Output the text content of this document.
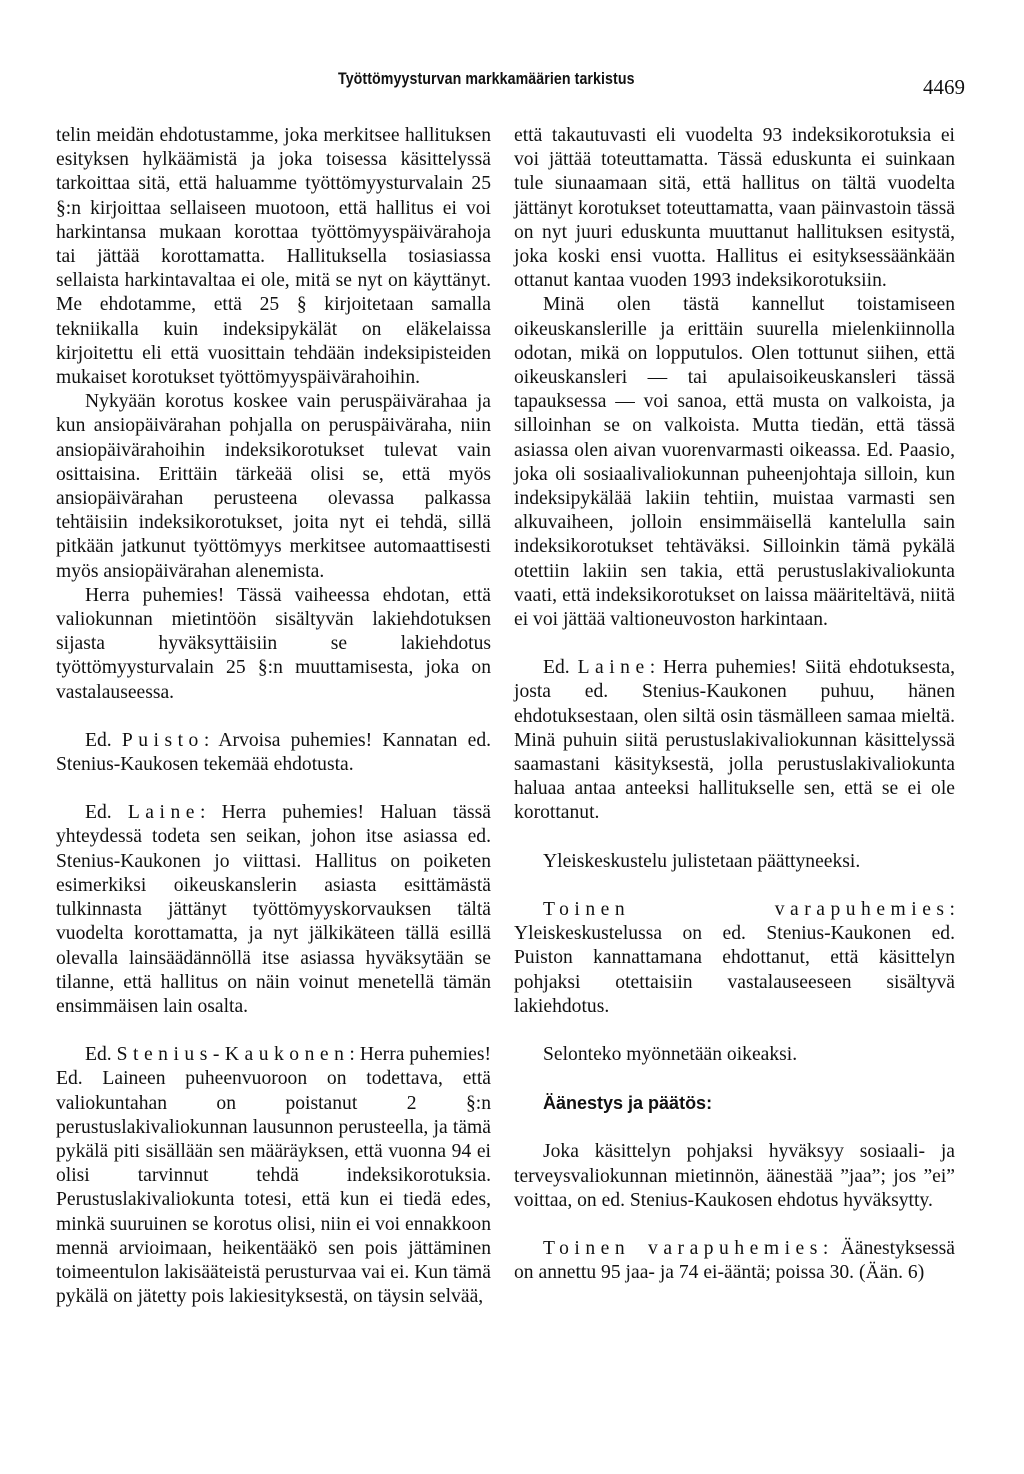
Työttömyysturvan markkamäärien tarkistus	4469

telin meidän ehdotustamme, joka merkitsee hallituksen esityksen hylkäämistä ja joka toisessa käsittelyssä tarkoittaa sitä, että haluamme työttömyysturvalain 25 §:n kirjoittaa sellaiseen muotoon, että hallitus ei voi harkintansa mukaan korottaa työttömyyspäivärahoja tai jättää korottamatta. Hallituksella tosiasiassa sellaista harkintavaltaa ei ole, mitä se nyt on käyttänyt. Me ehdotamme, että 25 § kirjoitetaan samalla tekniikalla kuin indeksipykälät on eläkelaissa kirjoitettu eli että vuosittain tehdään indeksipisteiden mukaiset korotukset työttömyyspäivärahoihin.

Nykyään korotus koskee vain peruspäivärahaa ja kun ansiopäivärahan pohjalla on peruspäiväraha, niin ansiopäivärahoihin indeksikorotukset tulevat vain osittaisina. Erittäin tärkeää olisi se, että myös ansiopäivärahan perusteena olevassa palkassa tehtäisiin indeksikorotukset, joita nyt ei tehdä, sillä pitkään jatkunut työttömyys merkitsee automaattisesti myös ansiopäivärahan alenemista.

Herra puhemies! Tässä vaiheessa ehdotan, että valiokunnan mietintöön sisältyvän lakiehdotuksen sijasta hyväksyttäisiin se lakiehdotus työttömyysturvalain 25 §:n muuttamisesta, joka on vastalauseessa.

Ed. Puisto: Arvoisa puhemies! Kannatan ed. Stenius-Kaukosen tekemää ehdotusta.

Ed. Laine: Herra puhemies! Haluan tässä yhteydessä todeta sen seikan, johon itse asiassa ed. Stenius-Kaukonen jo viittasi. Hallitus on poiketen esimerkiksi oikeuskanslerin asiasta esittämästä tulkinnasta jättänyt työttömyyskorvauksen tältä vuodelta korottamatta, ja nyt jälkikäteen tällä esillä olevalla lainsäädännöllä itse asiassa hyväksytään se tilanne, että hallitus on näin voinut menetellä tämän ensimmäisen lain osalta.

Ed. Stenius-Kaukonen: Herra puhemies! Ed. Laineen puheenvuoroon on todettava, että valiokuntahan on poistanut 2 §:n perustuslakivaliokunnan lausunnon perusteella, ja tämä pykälä piti sisällään sen määräyksen, että vuonna 94 ei olisi tarvinnut tehdä indeksikorotuksia. Perustuslakivaliokunta totesi, että kun ei tiedä edes, minkä suuruinen se korotus olisi, niin ei voi ennakkoon mennä arvioimaan, heikentääkö sen pois jättäminen toimeentulon lakisääteistä perusturvaa vai ei. Kun tämä pykälä on jätetty pois lakiesityksestä, on täysin selvää,

että takautuvasti eli vuodelta 93 indeksikorotuksia ei voi jättää toteuttamatta. Tässä eduskunta ei suinkaan tule siunaamaan sitä, että hallitus on tältä vuodelta jättänyt korotukset toteuttamatta, vaan päinvastoin tässä on nyt juuri eduskunta muuttanut hallituksen esitystä, joka koski ensi vuotta. Hallitus ei esityksessäänkään ottanut kantaa vuoden 1993 indeksikorotuksiin.

Minä olen tästä kannellut toistamiseen oikeuskanslerille ja erittäin suurella mielenkiinnolla odotan, mikä on lopputulos. Olen tottunut siihen, että oikeuskansleri — tai apulaisoikeuskansleri tässä tapauksessa — voi sanoa, että musta on valkoista, ja silloinhan se on valkoista. Mutta tiedän, että tässä asiassa olen aivan vuorenvarmasti oikeassa. Ed. Paasio, joka oli sosiaalivaliokunnan puheenjohtaja silloin, kun indeksipykälää lakiin tehtiin, muistaa varmasti sen alkuvaiheen, jolloin ensimmäisellä kantelulla sain indeksikorotukset tehtäväksi. Silloinkin tämä pykälä otettiin lakiin sen takia, että perustuslakivaliokunta vaati, että indeksikorotukset on laissa määriteltävä, niitä ei voi jättää valtioneuvoston harkintaan.

Ed. Laine: Herra puhemies! Siitä ehdotuksesta, josta ed. Stenius-Kaukonen puhuu, hänen ehdotuksestaan, olen siltä osin täsmälleen samaa mieltä. Minä puhuin siitä perustuslakivaliokunnan käsittelyssä saamastani käsityksestä, jolla perustuslakivaliokunta haluaa antaa anteeksi hallitukselle sen, että se ei ole korottanut.

Yleiskeskustelu julistetaan päättyneeksi.

Toinen varapuhemies: Yleiskeskustelussa on ed. Stenius-Kaukonen ed. Puiston kannattamana ehdottanut, että käsittelyn pohjaksi otettaisiin vastalauseeseen sisältyvä lakiehdotus.

Selonteko myönnetään oikeaksi.

Äänestys ja päätös:

Joka käsittelyn pohjaksi hyväksyy sosiaali- ja terveysvaliokunnan mietinnön, äänestää ”jaa”; jos ”ei” voittaa, on ed. Stenius-Kaukosen ehdotus hyväksytty.

Toinen varapuhemies: Äänestyksessä on annettu 95 jaa- ja 74 ei-ääntä; poissa 30. (Ään. 6)
